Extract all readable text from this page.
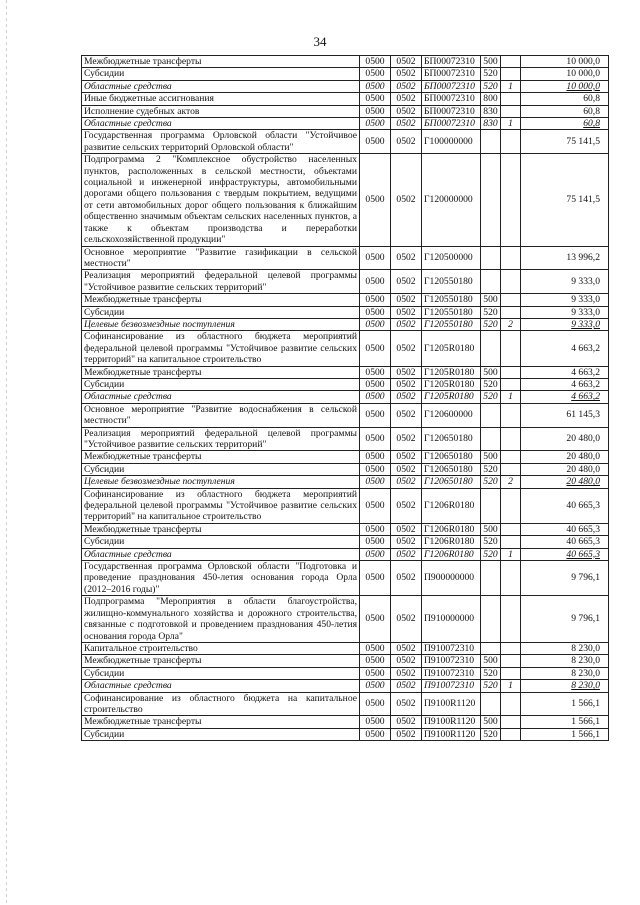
34
Межбюджетные трансферты	0500	0502	БП00072310	500		10 000,0
Субсидии	0500	0502	БП00072310	520		10 000,0
Областные средства	0500	0502	БП00072310	520	1	10 000,0
Иные бюджетные ассигнования	0500	0502	БП00072310	800		60,8
Исполнение судебных актов	0500	0502	БП00072310	830		60,8
Областные средства	0500	0502	БП00072310	830	1	60,8
Государственная программа Орловской области "Устойчивое развитие сельских территорий Орловской области"	0500	0502	Г100000000			75 141,5
Подпрограмма 2 "Комплексное обустройство населенных пунктов, расположенных в сельской местности, объектами социальной и инженерной инфраструктуры, автомобильными дорогами общего пользования с твердым покрытием, ведущими от сети автомобильных дорог общего пользования к ближайшим общественно значимым объектам сельских населенных пунктов, а также к объектам производства и переработки сельскохозяйственной продукции"	0500	0502	Г120000000			75 141,5
Основное мероприятие "Развитие газификации в сельской местности"	0500	0502	Г120500000			13 996,2
Реализация мероприятий федеральной целевой программы "Устойчивое развитие сельских территорий"	0500	0502	Г120550180			9 333,0
Межбюджетные трансферты	0500	0502	Г120550180	500		9 333,0
Субсидии	0500	0502	Г120550180	520		9 333,0
Целевые безвозмездные поступления	0500	0502	Г120550180	520	2	9 333,0
Софинансирование из областного бюджета мероприятий федеральной целевой программы "Устойчивое развитие сельских территорий" на капитальное строительство	0500	0502	Г1205R0180			4 663,2
Межбюджетные трансферты	0500	0502	Г1205R0180	500		4 663,2
Субсидии	0500	0502	Г1205R0180	520		4 663,2
Областные средства	0500	0502	Г1205R0180	520	1	4 663,2
Основное мероприятие "Развитие водоснабжения в сельской местности"	0500	0502	Г120600000			61 145,3
Реализация мероприятий федеральной целевой программы "Устойчивое развитие сельских территорий"	0500	0502	Г120650180			20 480,0
Межбюджетные трансферты	0500	0502	Г120650180	500		20 480,0
Субсидии	0500	0502	Г120650180	520		20 480,0
Целевые безвозмездные поступления	0500	0502	Г120650180	520	2	20 480,0
Софинансирование из областного бюджета мероприятий федеральной целевой программы "Устойчивое развитие сельских территорий" на капитальное строительство	0500	0502	Г1206R0180			40 665,3
Межбюджетные трансферты	0500	0502	Г1206R0180	500		40 665,3
Субсидии	0500	0502	Г1206R0180	520		40 665,3
Областные средства	0500	0502	Г1206R0180	520	1	40 665,3
Государственная программа Орловской области "Подготовка и проведение празднования 450-летия основания города Орла (2012–2016 годы)"	0500	0502	П900000000			9 796,1
Подпрограмма "Мероприятия в области благоустройства, жилищно-коммунального хозяйства и дорожного строительства, связанные с подготовкой и проведением празднования 450-летия основания города Орла"	0500	0502	П910000000			9 796,1
Капитальное строительство	0500	0502	П910072310			8 230,0
Межбюджетные трансферты	0500	0502	П910072310	500		8 230,0
Субсидии	0500	0502	П910072310	520		8 230,0
Областные средства	0500	0502	П910072310	520	1	8 230,0
Софинансирование из областного бюджета на капитальное строительство	0500	0502	П9100R1120			1 566,1
Межбюджетные трансферты	0500	0502	П9100R1120	500		1 566,1
Субсидии	0500	0502	П9100R1120	520		1 566,1
